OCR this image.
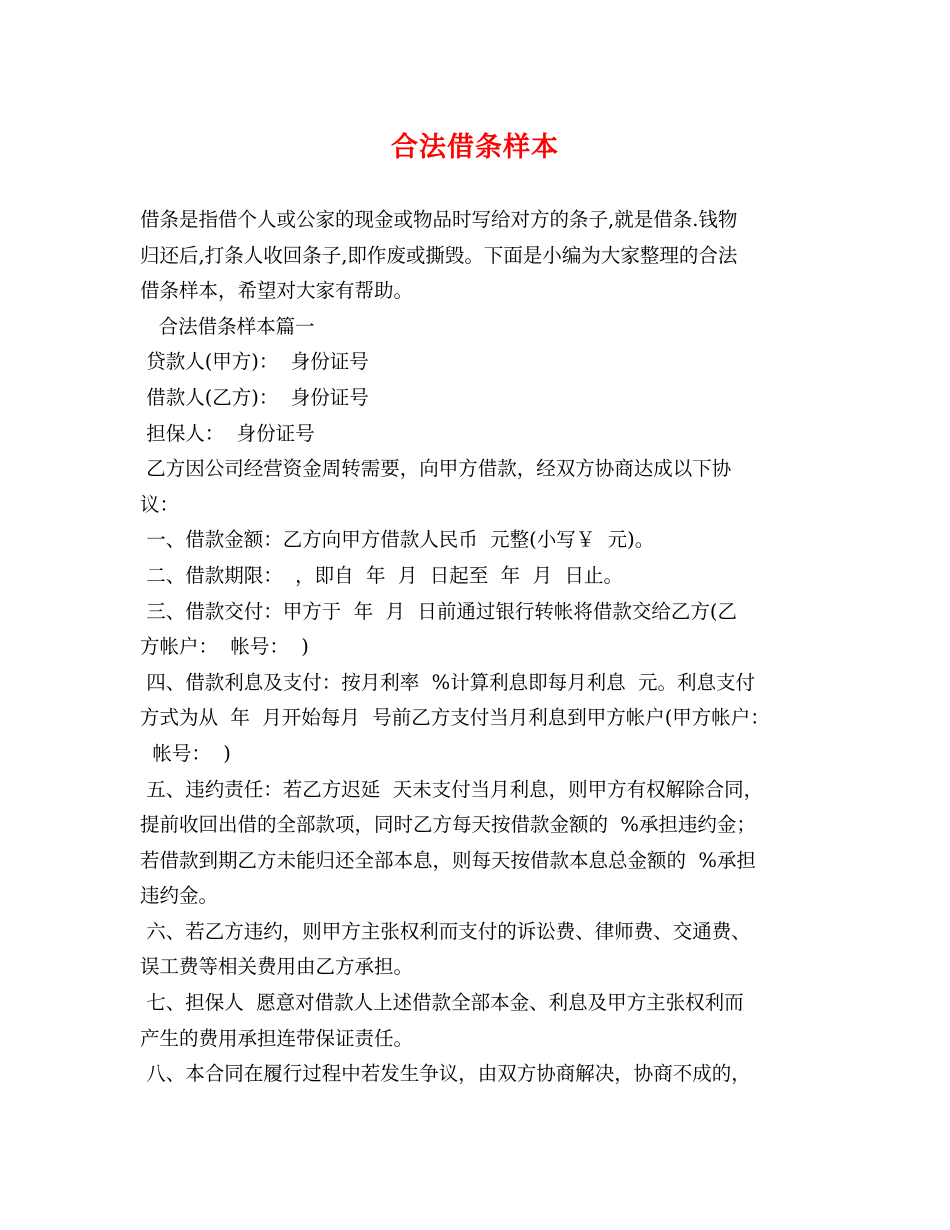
合法借条样本
借条是指借个人或公家的现金或物品时写给对方的条子,就是借条.钱物
归还后,打条人收回条子,即作废或撕毁。下面是小编为大家整理的合法
借条样本，希望对大家有帮助。
合法借条样本篇一
贷款人(甲方)：  身份证号
借款人(乙方)：  身份证号
担保人：  身份证号
乙方因公司经营资金周转需要，向甲方借款，经双方协商达成以下协
议：
一、借款金额：乙方向甲方借款人民币  元整(小写￥  元)。
二、借款期限：  ，即自  年  月  日起至  年  月  日止。
三、借款交付：甲方于  年  月  日前通过银行转帐将借款交给乙方(乙
方帐户：  帐号：  )
四、借款利息及支付：按月利率  %计算利息即每月利息  元。利息支付
方式为从  年  月开始每月  号前乙方支付当月利息到甲方帐户(甲方帐户：
帐号：  )
五、违约责任：若乙方迟延  天未支付当月利息，则甲方有权解除合同，
提前收回出借的全部款项，同时乙方每天按借款金额的  %承担违约金；
若借款到期乙方未能归还全部本息，则每天按借款本息总金额的  %承担
违约金。
六、若乙方违约，则甲方主张权利而支付的诉讼费、律师费、交通费、
误工费等相关费用由乙方承担。
七、担保人  愿意对借款人上述借款全部本金、利息及甲方主张权利而
产生的费用承担连带保证责任。
八、本合同在履行过程中若发生争议，由双方协商解决，协商不成的，
